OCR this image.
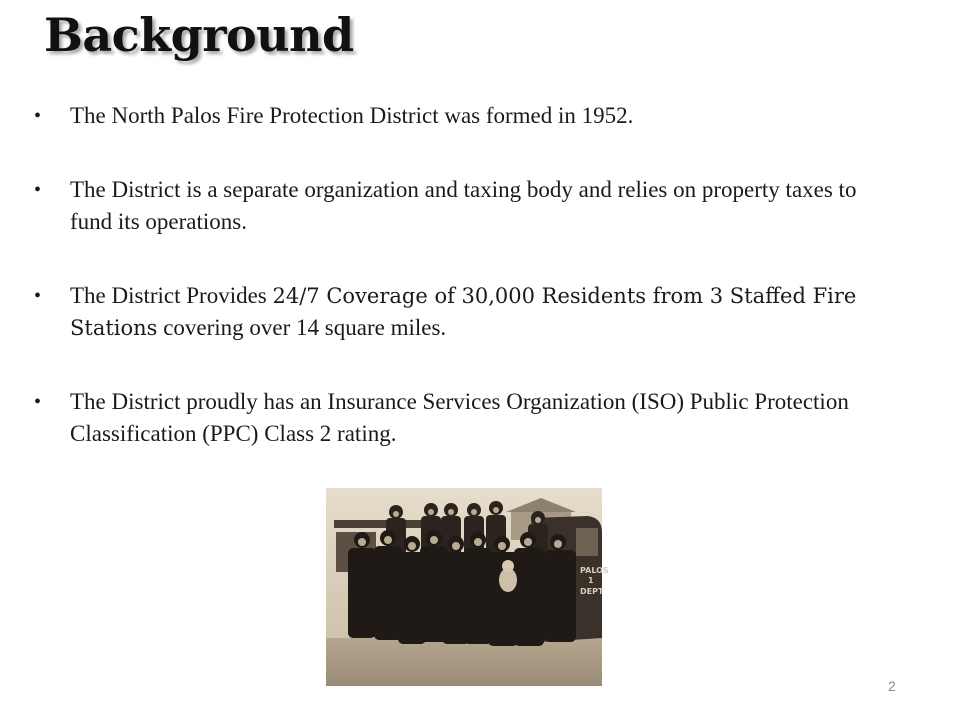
Background
• The North Palos Fire Protection District was formed in 1952.
• The District is a separate organization and taxing body and relies on property taxes to fund its operations.
• The District Provides 24/7 Coverage of 30,000 Residents from 3 Staffed Fire Stations covering over 14 square miles.
• The District proudly has an Insurance Services Organization (ISO) Public Protection Classification (PPC) Class 2 rating.
PALOS
1
DEPT
2
